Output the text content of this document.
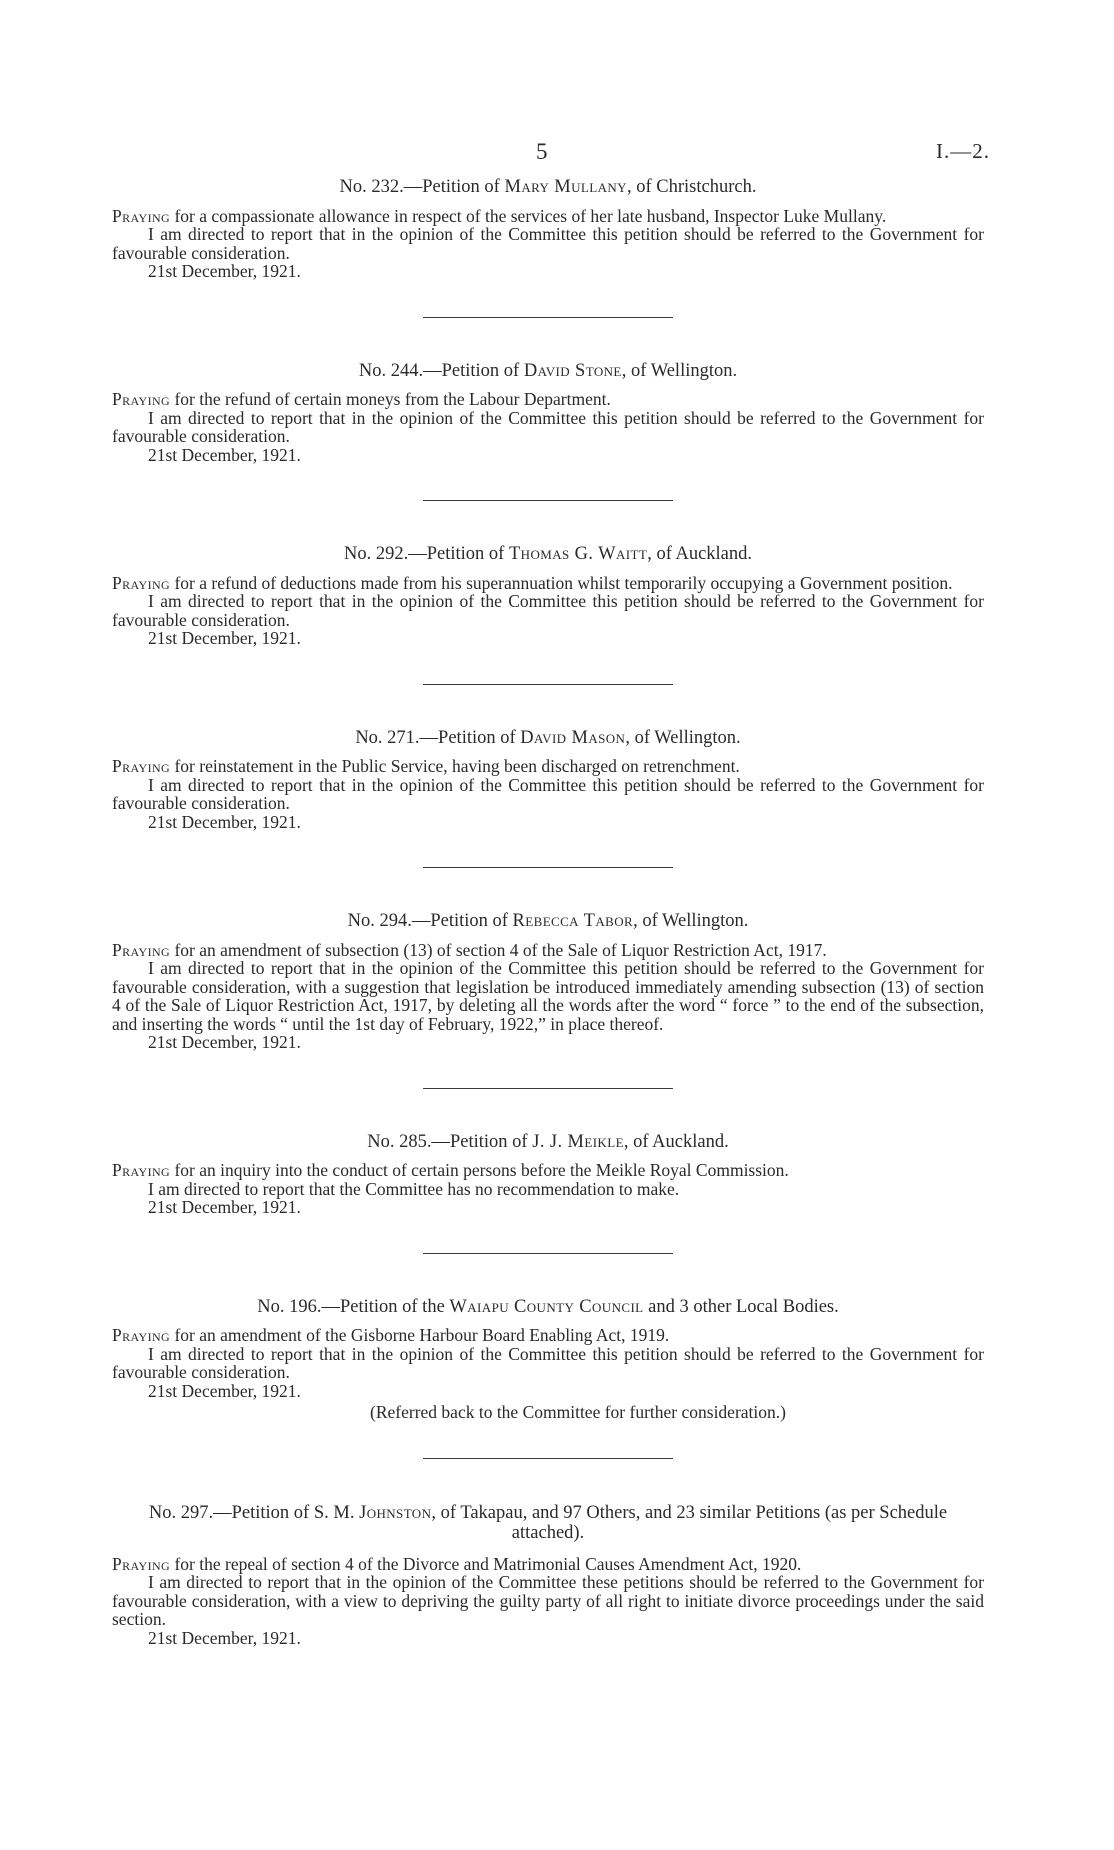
5	I.—2.

No. 232.—Petition of Mary Mullany, of Christchurch.

Praying for a compassionate allowance in respect of the services of her late husband, Inspector Luke Mullany.

I am directed to report that in the opinion of the Committee this petition should be referred to the Government for favourable consideration.

21st December, 1921.

No. 244.—Petition of David Stone, of Wellington.

Praying for the refund of certain moneys from the Labour Department.

I am directed to report that in the opinion of the Committee this petition should be referred to the Government for favourable consideration.

21st December, 1921.

No. 292.—Petition of Thomas G. Waitt, of Auckland.

Praying for a refund of deductions made from his superannuation whilst temporarily occupying a Government position.

I am directed to report that in the opinion of the Committee this petition should be referred to the Government for favourable consideration.

21st December, 1921.

No. 271.—Petition of David Mason, of Wellington.

Praying for reinstatement in the Public Service, having been discharged on retrenchment.

I am directed to report that in the opinion of the Committee this petition should be referred to the Government for favourable consideration.

21st December, 1921.

No. 294.—Petition of Rebecca Tabor, of Wellington.

Praying for an amendment of subsection (13) of section 4 of the Sale of Liquor Restriction Act, 1917.

I am directed to report that in the opinion of the Committee this petition should be referred to the Government for favourable consideration, with a suggestion that legislation be introduced immediately amending subsection (13) of section 4 of the Sale of Liquor Restriction Act, 1917, by deleting all the words after the word “ force ” to the end of the subsection, and inserting the words “ until the 1st day of February, 1922,” in place thereof.

21st December, 1921.

No. 285.—Petition of J. J. Meikle, of Auckland.

Praying for an inquiry into the conduct of certain persons before the Meikle Royal Commission.

I am directed to report that the Committee has no recommendation to make.

21st December, 1921.

No. 196.—Petition of the Waiapu County Council and 3 other Local Bodies.

Praying for an amendment of the Gisborne Harbour Board Enabling Act, 1919.

I am directed to report that in the opinion of the Committee this petition should be referred to the Government for favourable consideration.

21st December, 1921.

(Referred back to the Committee for further consideration.)

No. 297.—Petition of S. M. Johnston, of Takapau, and 97 Others, and 23 similar Petitions (as per Schedule attached).

Praying for the repeal of section 4 of the Divorce and Matrimonial Causes Amendment Act, 1920.

I am directed to report that in the opinion of the Committee these petitions should be referred to the Government for favourable consideration, with a view to depriving the guilty party of all right to initiate divorce proceedings under the said section.

21st December, 1921.
